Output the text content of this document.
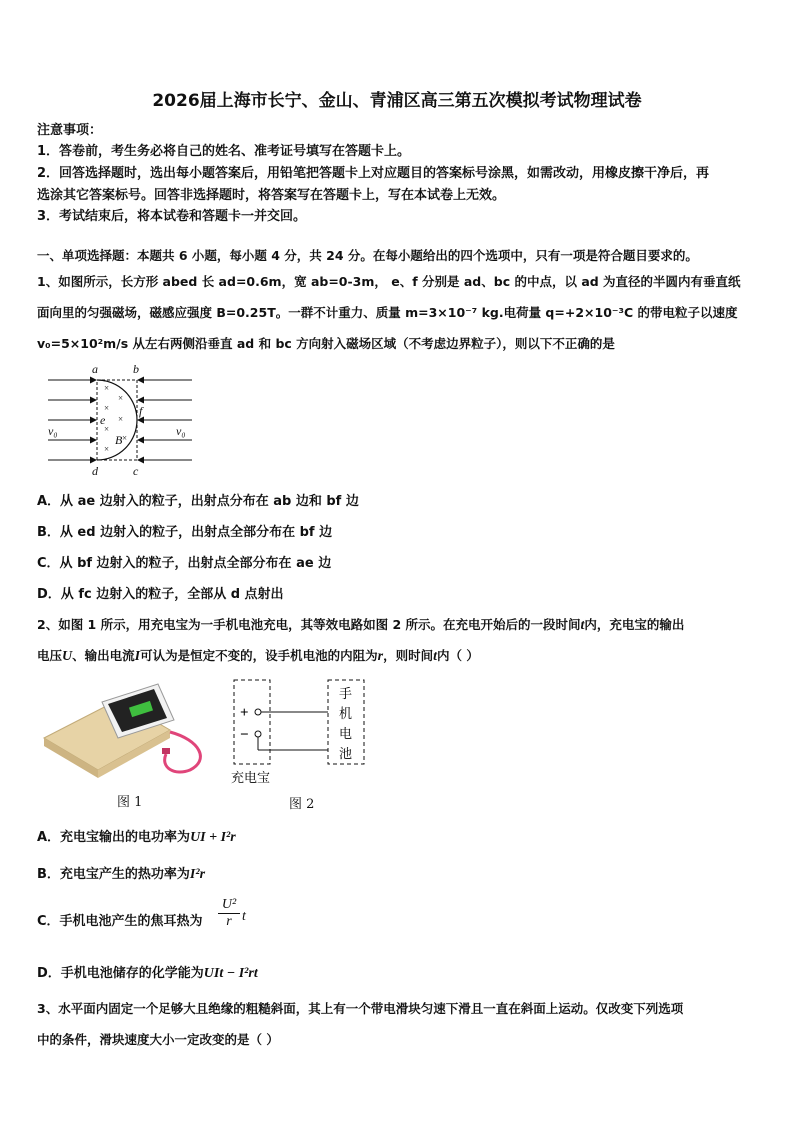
2026届上海市长宁、金山、青浦区高三第五次模拟考试物理试卷
注意事项：
1．答卷前，考生务必将自己的姓名、准考证号填写在答题卡上。
2．回答选择题时，选出每小题答案后，用铅笔把答题卡上对应题目的答案标号涂黑，如需改动，用橡皮擦干净后，再
选涂其它答案标号。回答非选择题时，将答案写在答题卡上，写在本试卷上无效。
3．考试结束后，将本试卷和答题卡一并交回。
一、单项选择题：本题共 6 小题，每小题 4 分，共 24 分。在每小题给出的四个选项中，只有一项是符合题目要求的。
1、如图所示，长方形 abed 长 ad=0.6m，宽 ab=0-3m， e、f 分别是 ad、bc 的中点，以 ad 为直径的半圆内有垂直纸
面向里的匀强磁场，磁感应强度 B=0.25T。一群不计重力、质量 m=3×10⁻⁷ kg.电荷量 q=+2×10⁻³C 的带电粒子以速度
v₀=5×10²m/s 从左右两侧沿垂直 ad 和 bc 方向射入磁场区域（不考虑边界粒子），则以下不正确的是
×
×
×
×
×
×
×
a	b
d	c
e
f
B
v₀	v₀
A．从 ae 边射入的粒子，出射点分布在 ab 边和 bf 边
B．从 ed 边射入的粒子，出射点全部分布在 bf 边
C．从 bf 边射入的粒子，出射点全部分布在 ae 边
D．从 fc 边射入的粒子，全部从 d 点射出
2、如图 1 所示，用充电宝为一手机电池充电，其等效电路如图 2 所示。在充电开始后的一段时间t内，充电宝的输出
电压U、输出电流I可认为是恒定不变的，设手机电池的内阻为r，则时间t内（ ）
图 1
+
−
手
机
电
池
充电宝
图 2
A．充电宝输出的电功率为UI + I²r
B．充电宝产生的热功率为I²r
C．手机电池产生的焦耳热为
U²
r t
D．手机电池储存的化学能为UIt − I²rt
3、水平面内固定一个足够大且绝缘的粗糙斜面，其上有一个带电滑块匀速下滑且一直在斜面上运动。仅改变下列选项
中的条件，滑块速度大小一定改变的是（ ）
